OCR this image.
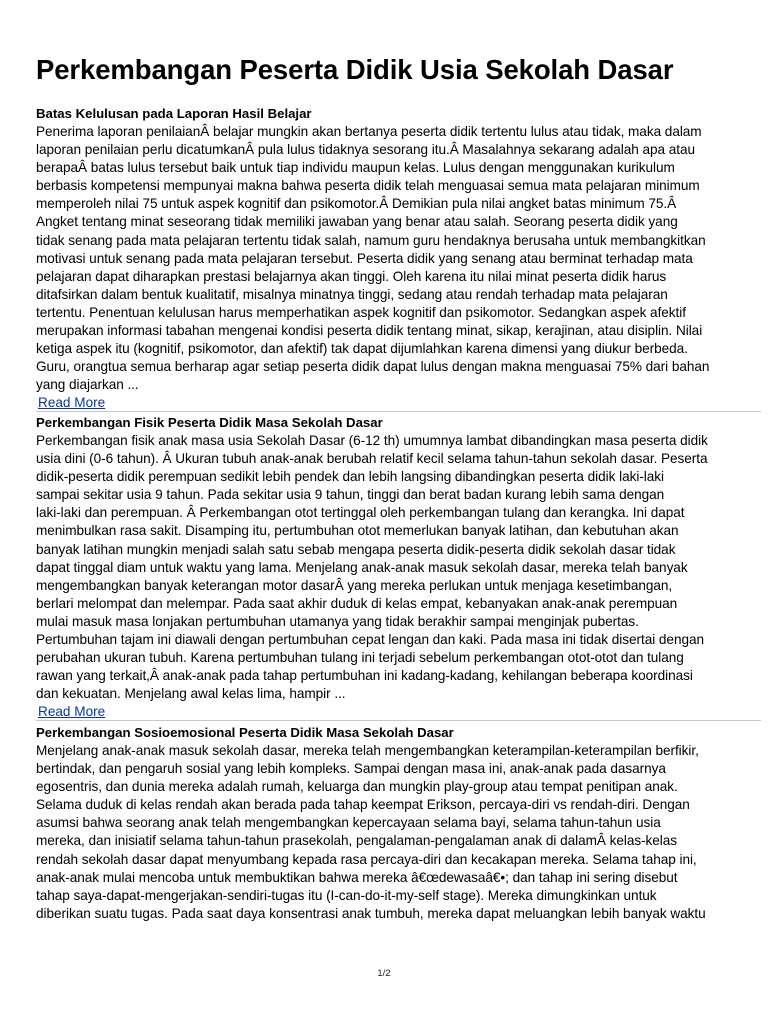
Perkembangan Peserta Didik Usia Sekolah Dasar
Batas Kelulusan pada Laporan Hasil Belajar
Penerima laporan penilaianÂ belajar mungkin akan bertanya peserta didik tertentu lulus atau tidak, maka dalam
laporan penilaian perlu dicatumkanÂ pula lulus tidaknya sesorang itu.Â Masalahnya sekarang adalah apa atau
berapaÂ batas lulus tersebut baik untuk tiap individu maupun kelas. Lulus dengan menggunakan kurikulum
berbasis kompetensi mempunyai makna bahwa peserta didik telah menguasai semua mata pelajaran minimum
memperoleh nilai 75 untuk aspek kognitif dan psikomotor.Â Demikian pula nilai angket batas minimum 75.Â
Angket tentang minat seseorang tidak memiliki jawaban yang benar atau salah. Seorang peserta didik yang
tidak senang pada mata pelajaran tertentu tidak salah, namum guru hendaknya berusaha untuk membangkitkan
motivasi untuk senang pada mata pelajaran tersebut. Peserta didik yang senang atau berminat terhadap mata
pelajaran dapat diharapkan prestasi belajarnya akan tinggi. Oleh karena itu nilai minat peserta didik harus
ditafsirkan dalam bentuk kualitatif, misalnya minatnya tinggi, sedang atau rendah terhadap mata pelajaran
tertentu. Penentuan kelulusan harus memperhatikan aspek kognitif dan psikomotor. Sedangkan aspek afektif
merupakan informasi tabahan mengenai kondisi peserta didik tentang minat, sikap, kerajinan, atau disiplin. Nilai
ketiga aspek itu (kognitif, psikomotor, dan afektif) tak dapat dijumlahkan karena dimensi yang diukur berbeda.
Guru, orangtua semua berharap agar setiap peserta didik dapat lulus dengan makna menguasai 75% dari bahan
yang diajarkan ...
Read More
Perkembangan Fisik Peserta Didik Masa Sekolah Dasar
Perkembangan fisik anak masa usia Sekolah Dasar (6-12 th) umumnya lambat dibandingkan masa peserta didik
usia dini (0-6 tahun). Â Ukuran tubuh anak-anak berubah relatif kecil selama tahun-tahun sekolah dasar. Peserta
didik-peserta didik perempuan sedikit lebih pendek dan lebih langsing dibandingkan peserta didik laki-laki
sampai sekitar usia 9 tahun. Pada sekitar usia 9 tahun, tinggi dan berat badan kurang lebih sama dengan
laki-laki dan perempuan. Â Perkembangan otot tertinggal oleh perkembangan tulang dan kerangka. Ini dapat
menimbulkan rasa sakit. Disamping itu, pertumbuhan otot memerlukan banyak latihan, dan kebutuhan akan
banyak latihan mungkin menjadi salah satu sebab mengapa peserta didik-peserta didik sekolah dasar tidak
dapat tinggal diam untuk waktu yang lama. Menjelang anak-anak masuk sekolah dasar, mereka telah banyak
mengembangkan banyak keterangan motor dasarÂ yang mereka perlukan untuk menjaga kesetimbangan,
berlari melompat dan melempar. Pada saat akhir duduk di kelas empat, kebanyakan anak-anak perempuan
mulai masuk masa lonjakan pertumbuhan utamanya yang tidak berakhir sampai menginjak pubertas.
Pertumbuhan tajam ini diawali dengan pertumbuhan cepat lengan dan kaki. Pada masa ini tidak disertai dengan
perubahan ukuran tubuh. Karena pertumbuhan tulang ini terjadi sebelum perkembangan otot-otot dan tulang
rawan yang terkait,Â anak-anak pada tahap pertumbuhan ini kadang-kadang, kehilangan beberapa koordinasi
dan kekuatan. Menjelang awal kelas lima, hampir ...
Read More
Perkembangan Sosioemosional Peserta Didik Masa Sekolah Dasar
Menjelang anak-anak masuk sekolah dasar, mereka telah mengembangkan keterampilan-keterampilan berfikir,
bertindak, dan pengaruh sosial yang lebih kompleks. Sampai dengan masa ini, anak-anak pada dasarnya
egosentris, dan dunia mereka adalah rumah, keluarga dan mungkin play-group atau tempat penitipan anak.
Selama duduk di kelas rendah akan berada pada tahap keempat Erikson, percaya-diri vs rendah-diri. Dengan
asumsi bahwa seorang anak telah mengembangkan kepercayaan selama bayi, selama tahun-tahun usia
mereka, dan inisiatif selama tahun-tahun prasekolah, pengalaman-pengalaman anak di dalamÂ kelas-kelas
rendah sekolah dasar dapat menyumbang kepada rasa percaya-diri dan kecakapan mereka. Selama tahap ini,
anak-anak mulai mencoba untuk membuktikan bahwa mereka â€œdewasaâ€•; dan tahap ini sering disebut
tahap saya-dapat-mengerjakan-sendiri-tugas itu (I-can-do-it-my-self stage). Mereka dimungkinkan untuk
diberikan suatu tugas. Pada saat daya konsentrasi anak tumbuh, mereka dapat meluangkan lebih banyak waktu
1/2
